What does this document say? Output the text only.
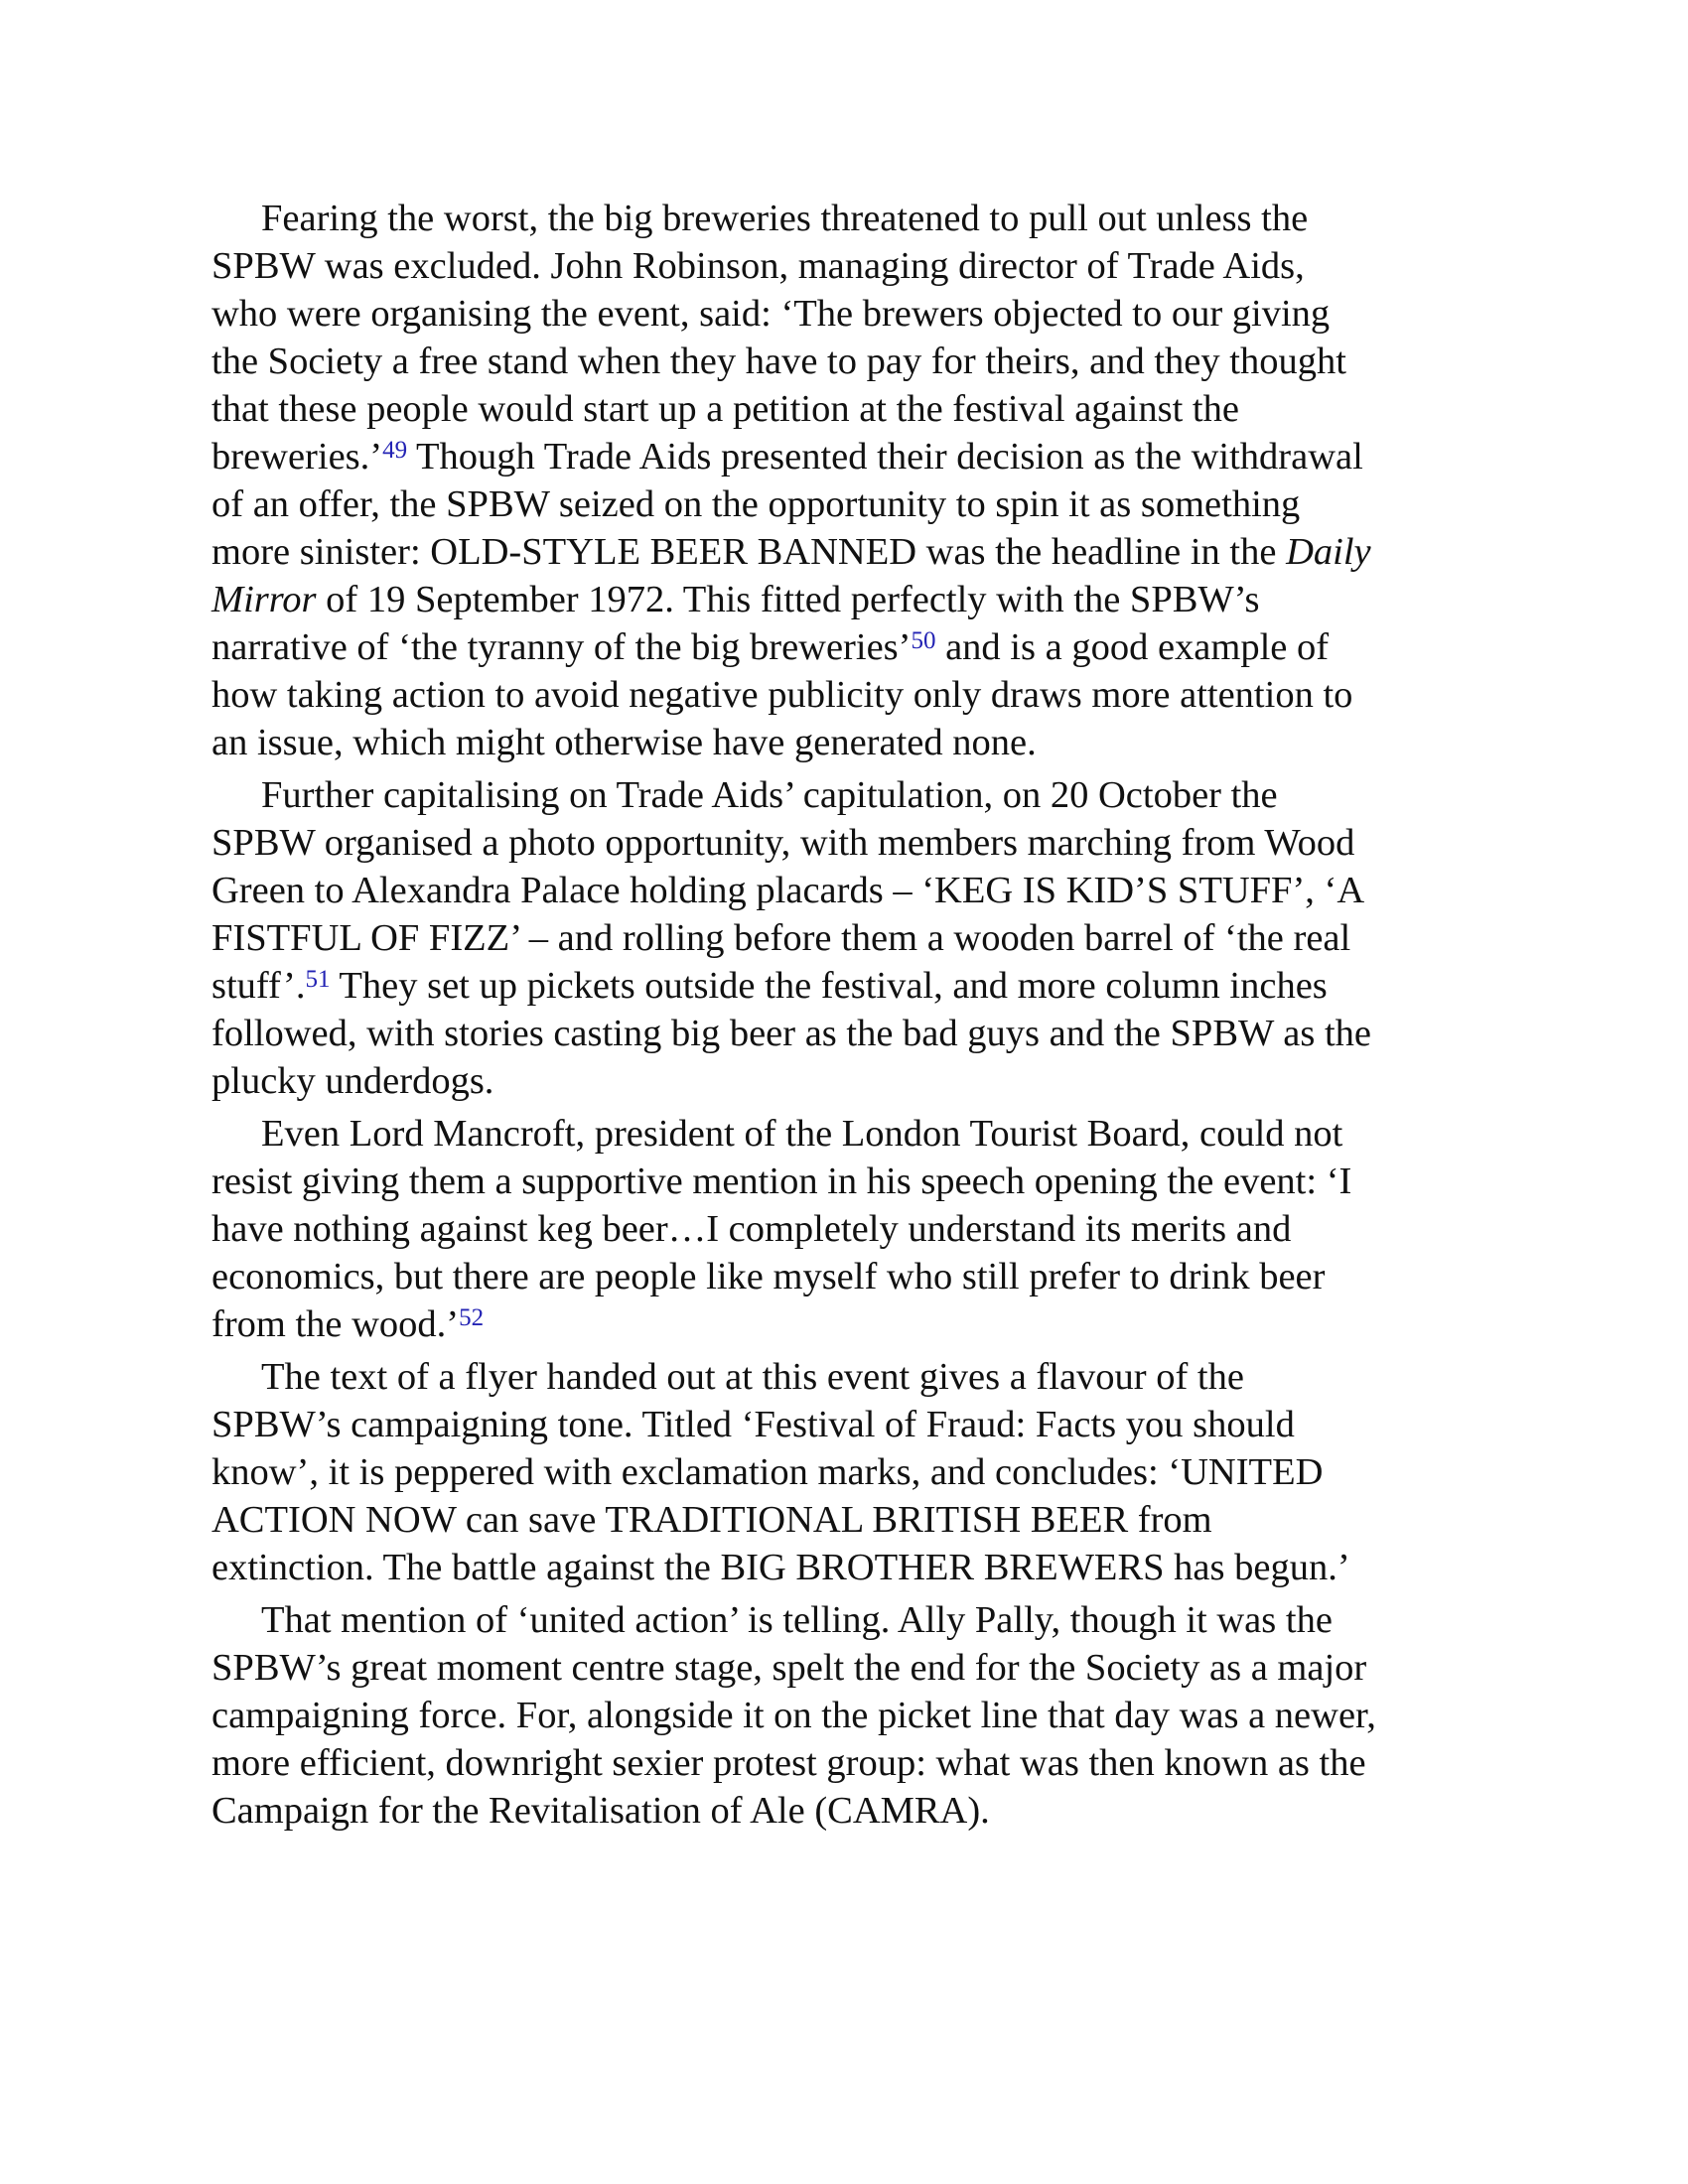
Fearing the worst, the big breweries threatened to pull out unless the
SPBW was excluded. John Robinson, managing director of Trade Aids,
who were organising the event, said: ‘The brewers objected to our giving
the Society a free stand when they have to pay for theirs, and they thought
that these people would start up a petition at the festival against the
breweries.’$^{49}$ Though Trade Aids presented their decision as the withdrawal
of an offer, the SPBW seized on the opportunity to spin it as something
more sinister: OLD-STYLE BEER BANNED was the headline in the Daily
Mirror of 19 September 1972. This fitted perfectly with the SPBW’s
narrative of ‘the tyranny of the big breweries’$^{50}$ and is a good example of
how taking action to avoid negative publicity only draws more attention to
an issue, which might otherwise have generated none.
Further capitalising on Trade Aids’ capitulation, on 20 October the
SPBW organised a photo opportunity, with members marching from Wood
Green to Alexandra Palace holding placards – ‘KEG IS KID’S STUFF’, ‘A
FISTFUL OF FIZZ’ – and rolling before them a wooden barrel of ‘the real
stuff’.$^{51}$ They set up pickets outside the festival, and more column inches
followed, with stories casting big beer as the bad guys and the SPBW as the
plucky underdogs.
Even Lord Mancroft, president of the London Tourist Board, could not
resist giving them a supportive mention in his speech opening the event: ‘I
have nothing against keg beer…I completely understand its merits and
economics, but there are people like myself who still prefer to drink beer
from the wood.’$^{52}$
The text of a flyer handed out at this event gives a flavour of the
SPBW’s campaigning tone. Titled ‘Festival of Fraud: Facts you should
know’, it is peppered with exclamation marks, and concludes: ‘UNITED
ACTION NOW can save TRADITIONAL BRITISH BEER from
extinction. The battle against the BIG BROTHER BREWERS has begun.’
That mention of ‘united action’ is telling. Ally Pally, though it was the
SPBW’s great moment centre stage, spelt the end for the Society as a major
campaigning force. For, alongside it on the picket line that day was a newer,
more efficient, downright sexier protest group: what was then known as the
Campaign for the Revitalisation of Ale (CAMRA).
